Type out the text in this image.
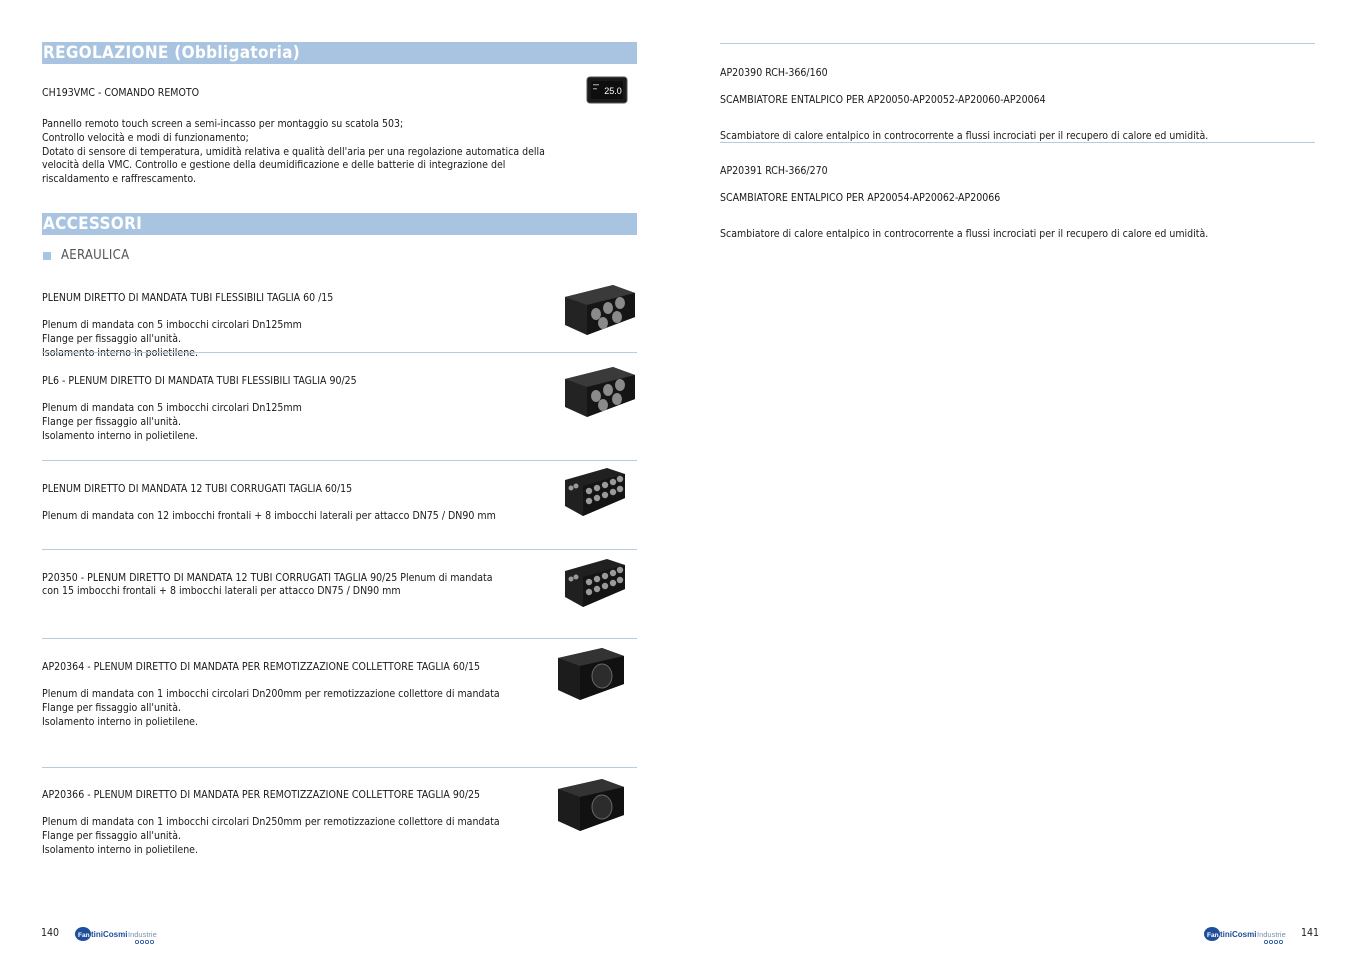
REGOLAZIONE (Obbligatoria)

CH193VMC - COMANDO REMOTO

Pannello remoto touch screen a semi-incasso per montaggio su scatola 503;
Controllo velocità e modi di funzionamento;
Dotato di sensore di temperatura, umidità relativa e qualità dell'aria per una regolazione automatica della velocità della VMC. Controllo e gestione della deumidificazione e delle batterie di integrazione del riscaldamento e raffrescamento.

25.0
ACCESSORI
AERAULICA

PLENUM DIRETTO DI MANDATA TUBI FLESSIBILI TAGLIA 60 /15

Plenum di mandata con 5 imbocchi circolari Dn125mm
Flange per fissaggio all'unità.
Isolamento interno in polietilene.

PL6 - PLENUM DIRETTO DI MANDATA TUBI FLESSIBILI TAGLIA 90/25

Plenum di mandata con 5 imbocchi circolari Dn125mm
Flange per fissaggio all'unità.
Isolamento interno in polietilene.

PLENUM DIRETTO DI MANDATA 12 TUBI CORRUGATI TAGLIA 60/15

Plenum di mandata con 12 imbocchi frontali + 8 imbocchi laterali per attacco DN75 / DN90 mm

P20350 - PLENUM DIRETTO DI MANDATA 12 TUBI CORRUGATI TAGLIA 90/25 Plenum di mandata con 15 imbocchi frontali + 8 imbocchi laterali per attacco DN75 / DN90 mm

AP20364 - PLENUM DIRETTO DI MANDATA PER REMOTIZZAZIONE COLLETTORE TAGLIA 60/15

Plenum di mandata con 1 imbocchi circolari Dn200mm per remotizzazione collettore di mandata
Flange per fissaggio all'unità.
Isolamento interno in polietilene.

AP20366 - PLENUM DIRETTO DI MANDATA PER REMOTIZZAZIONE COLLETTORE TAGLIA 90/25

Plenum di mandata con 1 imbocchi circolari Dn250mm per remotizzazione collettore di mandata
Flange per fissaggio all'unità.
Isolamento interno in polietilene.

140	Fan tiniCosmi Industrie

AP20390 RCH-366/160

SCAMBIATORE ENTALPICO PER AP20050-AP20052-AP20060-AP20064

Scambiatore di calore entalpico in controcorrente a flussi incrociati per il recupero di calore ed umidità.

AP20391 RCH-366/270

SCAMBIATORE ENTALPICO PER AP20054-AP20062-AP20066

Scambiatore di calore entalpico in controcorrente a flussi incrociati per il recupero di calore ed umidità.

Fan tiniCosmi Industrie 141
